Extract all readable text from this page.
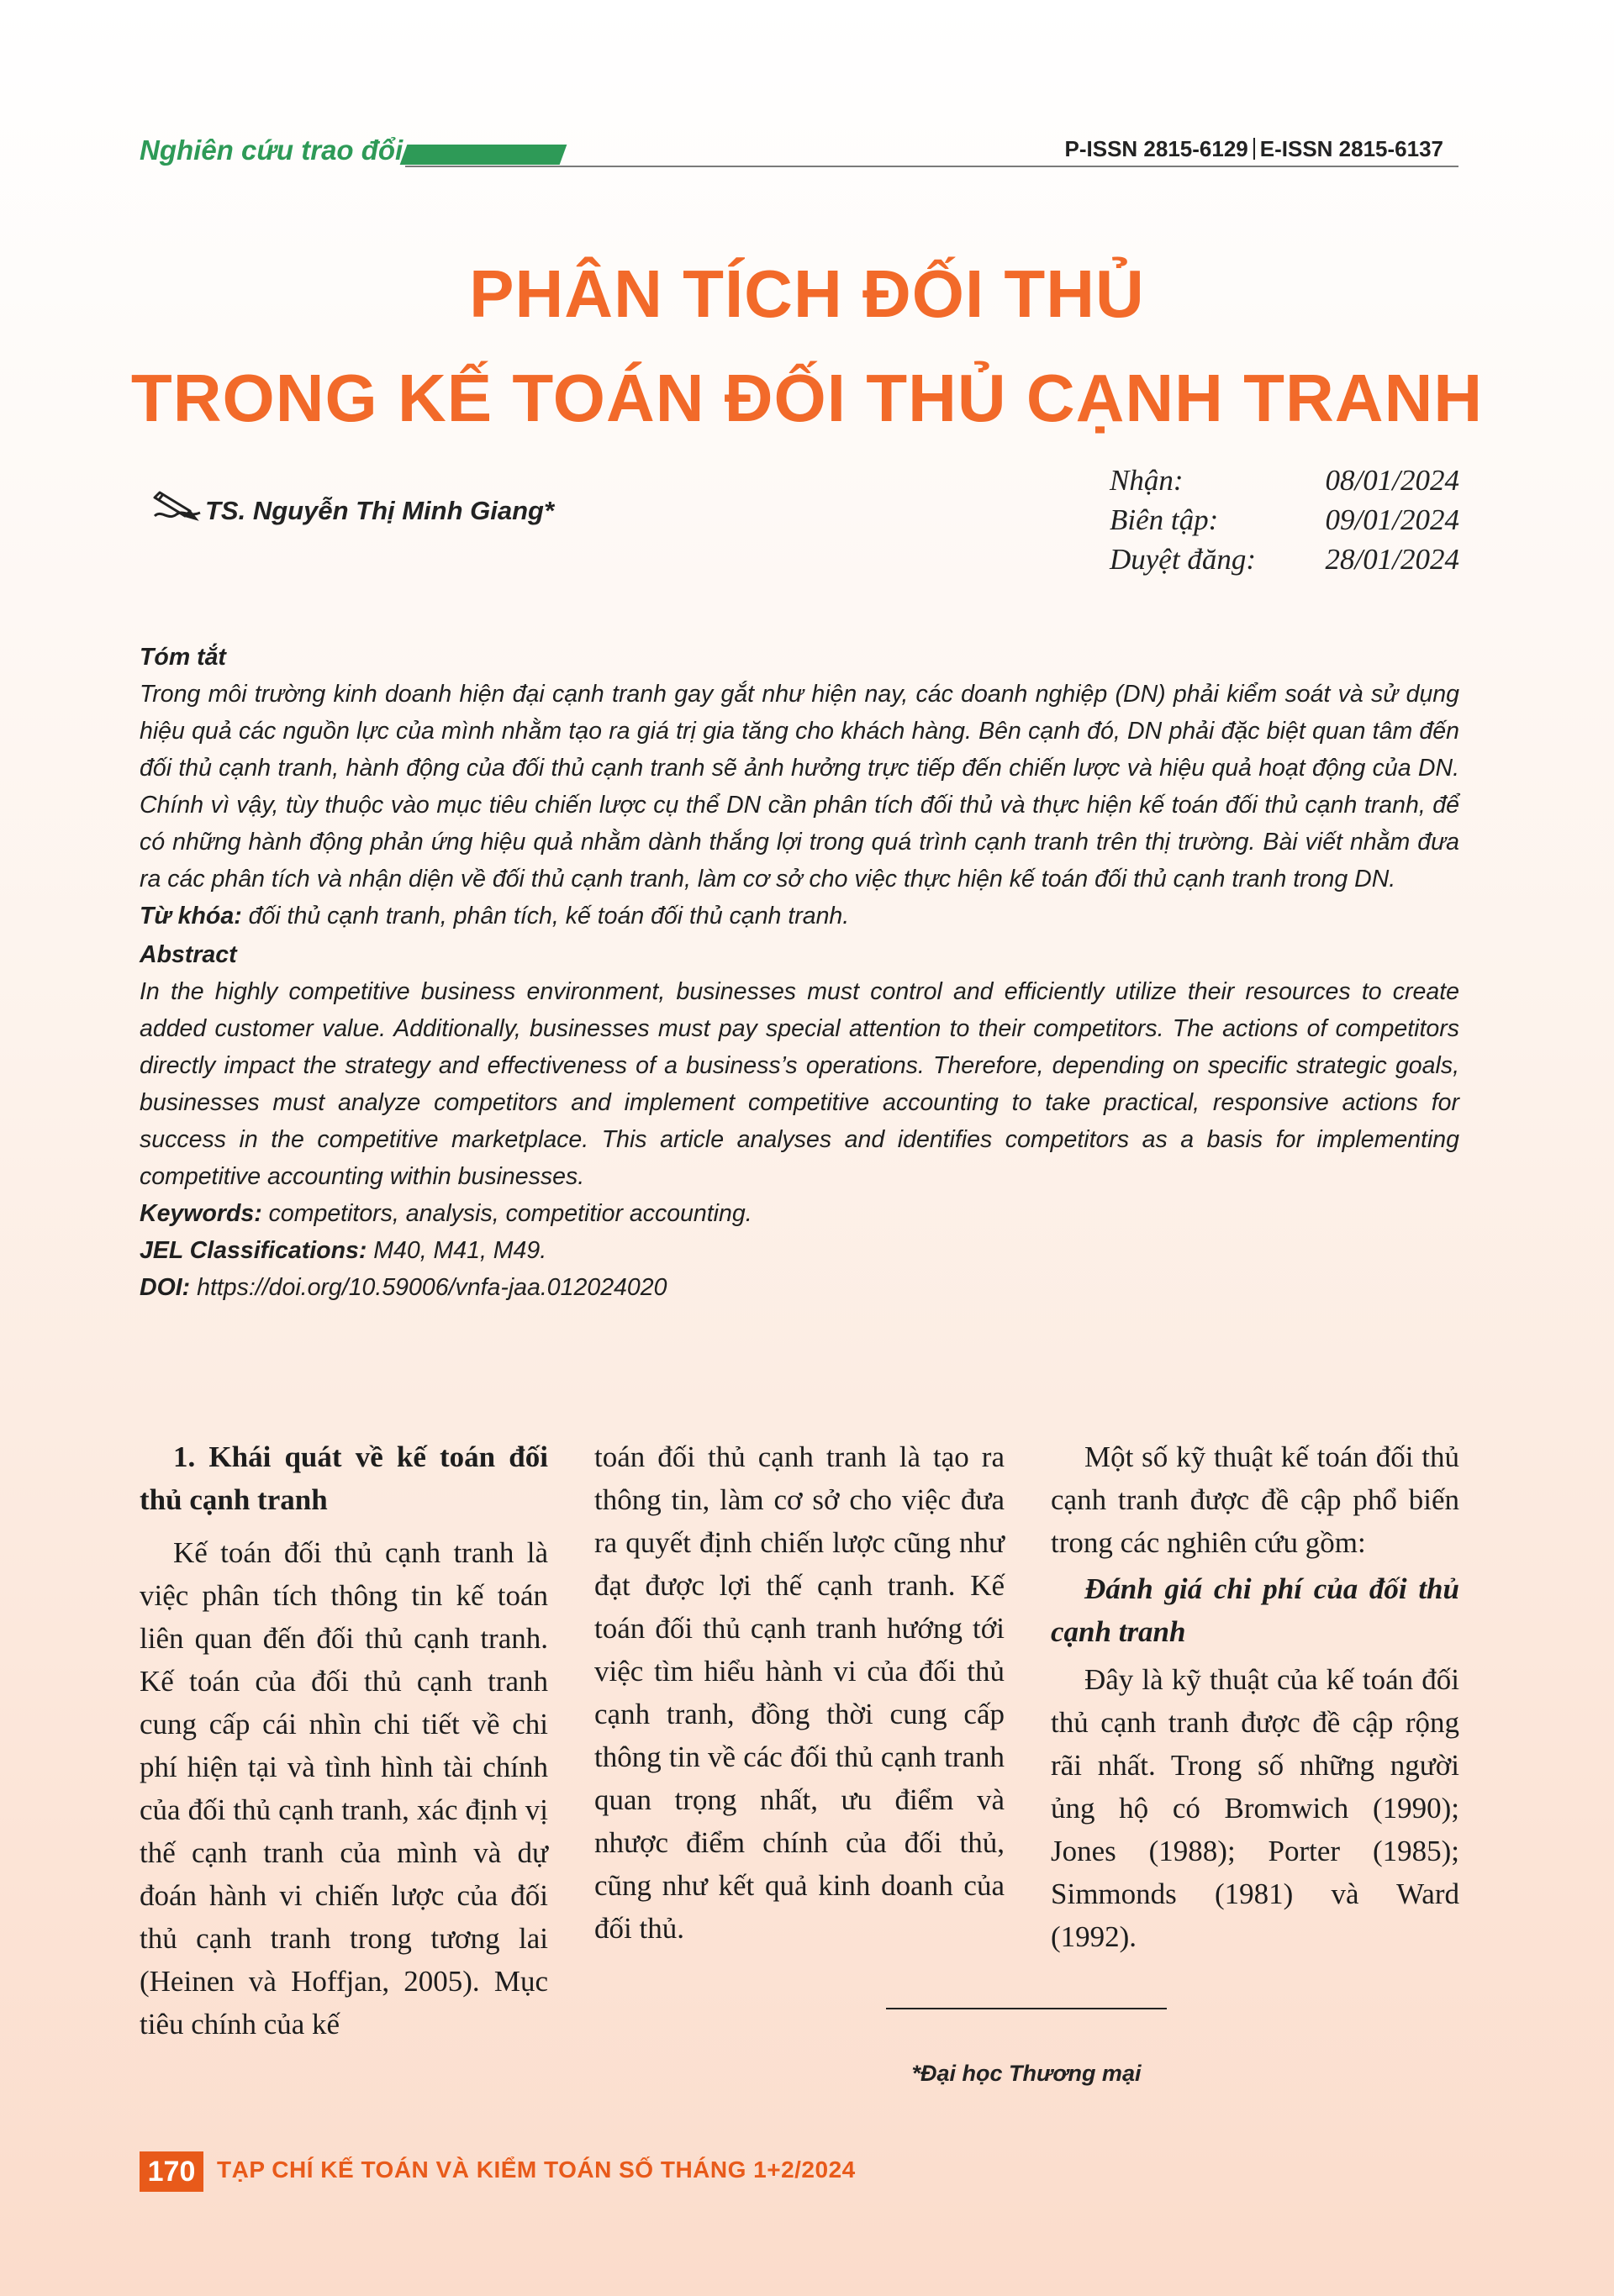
Nghiên cứu trao đổi	P-ISSN 2815-6129 E-ISSN 2815-6137
PHÂN TÍCH ĐỐI THỦ
TRONG KẾ TOÁN ĐỐI THỦ CẠNH TRANH
TS. Nguyễn Thị Minh Giang*
Nhận:	08/01/2024
Biên tập:	09/01/2024
Duyệt đăng: 28/01/2024
Tóm tắt

Trong môi trường kinh doanh hiện đại cạnh tranh gay gắt như hiện nay, các doanh nghiệp (DN) phải kiểm soát và sử dụng hiệu quả các nguồn lực của mình nhằm tạo ra giá trị gia tăng cho khách hàng. Bên cạnh đó, DN phải đặc biệt quan tâm đến đối thủ cạnh tranh, hành động của đối thủ cạnh tranh sẽ ảnh hưởng trực tiếp đến chiến lược và hiệu quả hoạt động của DN. Chính vì vậy, tùy thuộc vào mục tiêu chiến lược cụ thể DN cần phân tích đối thủ và thực hiện kế toán đối thủ cạnh tranh, để có những hành động phản ứng hiệu quả nhằm dành thắng lợi trong quá trình cạnh tranh trên thị trường. Bài viết nhằm đưa ra các phân tích và nhận diện về đối thủ cạnh tranh, làm cơ sở cho việc thực hiện kế toán đối thủ cạnh tranh trong DN.

Từ khóa: đối thủ cạnh tranh, phân tích, kế toán đối thủ cạnh tranh.
Abstract

In the highly competitive business environment, businesses must control and efficiently utilize their resources to create added customer value. Additionally, businesses must pay special attention to their competitors. The actions of competitors directly impact the strategy and effectiveness of a business’s operations. Therefore, depending on specific strategic goals, businesses must analyze competitors and implement competitive accounting to take practical, responsive actions for success in the competitive marketplace. This article analyses and identifies competitors as a basis for implementing competitive accounting within businesses.

Keywords: competitors, analysis, competitior accounting.
JEL Classifications: M40, M41, M49.
DOI: https://doi.org/10.59006/vnfa-jaa.012024020

1. Khái quát về kế toán đối thủ cạnh tranh

Kế toán đối thủ cạnh tranh là việc phân tích thông tin kế toán liên quan đến đối thủ cạnh tranh. Kế toán của đối thủ cạnh tranh cung cấp cái nhìn chi tiết về chi phí hiện tại và tình hình tài chính của đối thủ cạnh tranh, xác định vị thế cạnh tranh của mình và dự đoán hành vi chiến lược của đối thủ cạnh tranh trong tương lai (Heinen và Hoffjan, 2005). Mục tiêu chính của kế

toán đối thủ cạnh tranh là tạo ra thông tin, làm cơ sở cho việc đưa ra quyết định chiến lược cũng như đạt được lợi thế cạnh tranh. Kế toán đối thủ cạnh tranh hướng tới việc tìm hiểu hành vi của đối thủ cạnh tranh, đồng thời cung cấp thông tin về các đối thủ cạnh tranh quan trọng nhất, ưu điểm và nhược điểm chính của đối thủ, cũng như kết quả kinh doanh của đối thủ.

Một số kỹ thuật kế toán đối thủ cạnh tranh được đề cập phổ biến trong các nghiên cứu gồm:

Đánh giá chi phí của đối thủ cạnh tranh

Đây là kỹ thuật của kế toán đối thủ cạnh tranh được đề cập rộng rãi nhất. Trong số những người ủng hộ có Bromwich (1990); Jones (1988); Porter (1985); Simmonds (1981) và Ward (1992).

*Đại học Thương mại
170 TẠP CHÍ KẾ TOÁN VÀ KIỂM TOÁN SỐ THÁNG 1+2/2024
